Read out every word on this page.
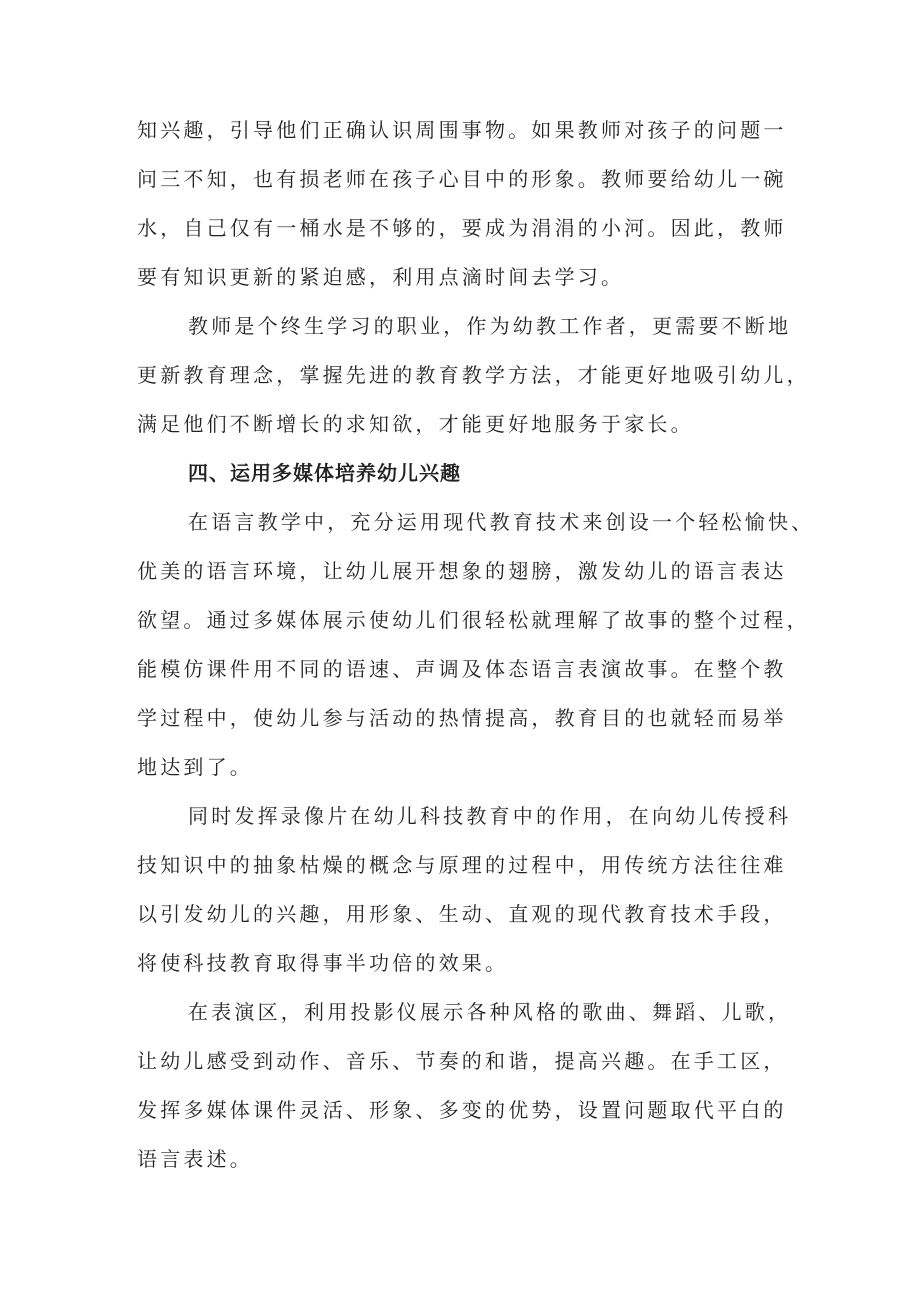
知兴趣，引导他们正确认识周围事物。如果教师对孩子的问题一
问三不知，也有损老师在孩子心目中的形象。教师要给幼儿一碗
水，自己仅有一桶水是不够的，要成为涓涓的小河。因此，教师
要有知识更新的紧迫感，利用点滴时间去学习。
教师是个终生学习的职业，作为幼教工作者，更需要不断地
更新教育理念，掌握先进的教育教学方法，才能更好地吸引幼儿，
满足他们不断增长的求知欲，才能更好地服务于家长。
四、运用多媒体培养幼儿兴趣
在语言教学中，充分运用现代教育技术来创设一个轻松愉快、
优美的语言环境，让幼儿展开想象的翅膀，激发幼儿的语言表达
欲望。通过多媒体展示使幼儿们很轻松就理解了故事的整个过程，
能模仿课件用不同的语速、声调及体态语言表演故事。在整个教
学过程中，使幼儿参与活动的热情提高，教育目的也就轻而易举
地达到了。
同时发挥录像片在幼儿科技教育中的作用，在向幼儿传授科
技知识中的抽象枯燥的概念与原理的过程中，用传统方法往往难
以引发幼儿的兴趣，用形象、生动、直观的现代教育技术手段，
将使科技教育取得事半功倍的效果。
在表演区，利用投影仪展示各种风格的歌曲、舞蹈、儿歌，
让幼儿感受到动作、音乐、节奏的和谐，提高兴趣。在手工区，
发挥多媒体课件灵活、形象、多变的优势，设置问题取代平白的
语言表述。
